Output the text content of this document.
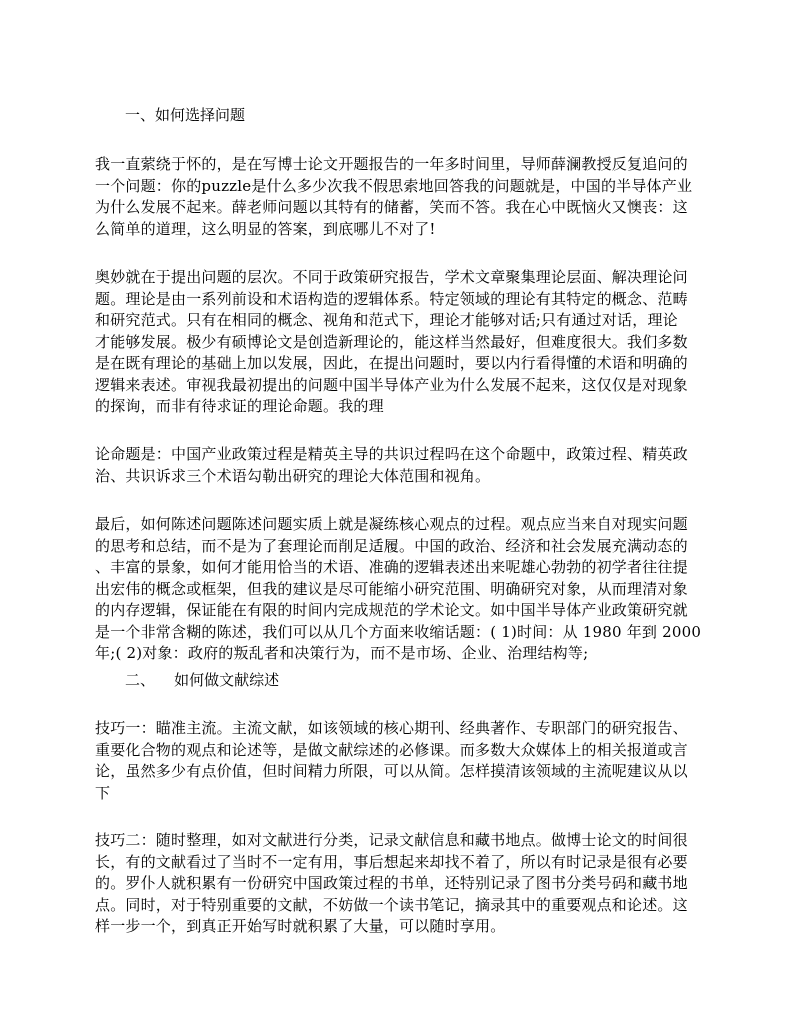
一、如何选择问题

我一直萦绕于怀的，是在写博士论文开题报告的一年多时间里，导师薛澜教授反复追问的
一个问题：你的puzzle是什么多少次我不假思索地回答我的问题就是，中国的半导体产业
为什么发展不起来。薛老师问题以其特有的储蓄，笑而不答。我在心中既恼火又懊丧：这
么简单的道理，这么明显的答案，到底哪儿不对了!

奥妙就在于提出问题的层次。不同于政策研究报告，学术文章聚集理论层面、解决理论问
题。理论是由一系列前设和术语构造的逻辑体系。特定领域的理论有其特定的概念、范畴
和研究范式。只有在相同的概念、视角和范式下，理论才能够对话;只有通过对话，理论
才能够发展。极少有硕博论文是创造新理论的，能这样当然最好，但难度很大。我们多数
是在既有理论的基础上加以发展，因此，在提出问题时，要以内行看得懂的术语和明确的
逻辑来表述。审视我最初提出的问题中国半导体产业为什么发展不起来，这仅仅是对现象
的探询，而非有待求证的理论命题。我的理

论命题是：中国产业政策过程是精英主导的共识过程吗在这个命题中，政策过程、精英政
治、共识诉求三个术语勾勒出研究的理论大体范围和视角。

最后，如何陈述问题陈述问题实质上就是凝练核心观点的过程。观点应当来自对现实问题
的思考和总结，而不是为了套理论而削足适履。中国的政治、经济和社会发展充满动态的
、丰富的景象，如何才能用恰当的术语、准确的逻辑表述出来呢雄心勃勃的初学者往往提
出宏伟的概念或框架，但我的建议是尽可能缩小研究范围、明确研究对象，从而理清对象
的内存逻辑，保证能在有限的时间内完成规范的学术论文。如中国半导体产业政策研究就
是一个非常含糊的陈述，我们可以从几个方面来收缩话题：( 1)时间：从 1980 年到 2000
年;( 2)对象：政府的叛乱者和决策行为，而不是市场、企业、治理结构等;

二、    如何做文献综述

技巧一：瞄准主流。主流文献，如该领域的核心期刊、经典著作、专职部门的研究报告、
重要化合物的观点和论述等，是做文献综述的必修课。而多数大众媒体上的相关报道或言
论，虽然多少有点价值，但时间精力所限，可以从简。怎样摸清该领域的主流呢建议从以
下

技巧二：随时整理，如对文献进行分类，记录文献信息和藏书地点。做博士论文的时间很
长，有的文献看过了当时不一定有用，事后想起来却找不着了，所以有时记录是很有必要
的。罗仆人就积累有一份研究中国政策过程的书单，还特别记录了图书分类号码和藏书地
点。同时，对于特别重要的文献，不妨做一个读书笔记，摘录其中的重要观点和论述。这
样一步一个，到真正开始写时就积累了大量，可以随时享用。
